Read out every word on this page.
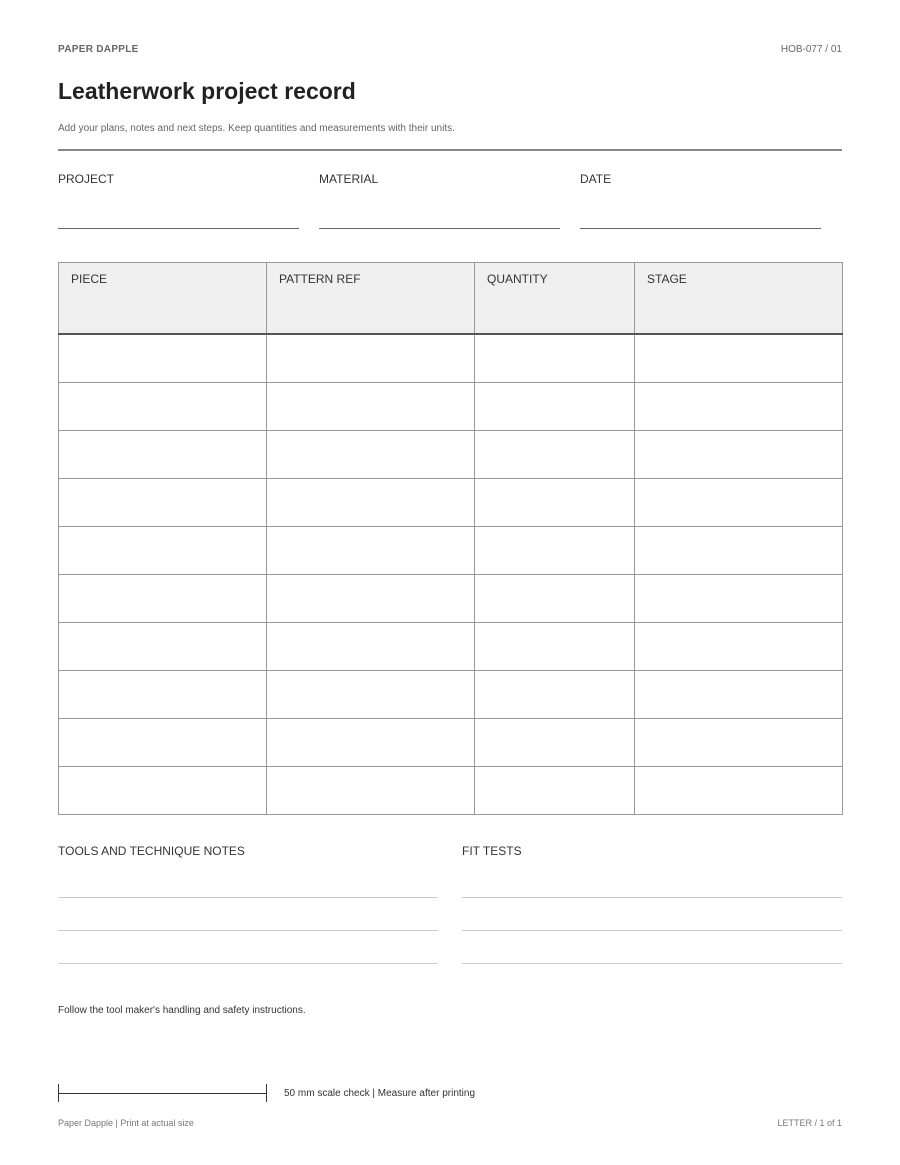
PAPER DAPPLE	HOB-077 / 01
Leatherwork project record
Add your plans, notes and next steps. Keep quantities and measurements with their units.
PROJECT	MATERIAL	DATE
PIECE	PATTERN REF	QUANTITY	STAGE

TOOLS AND TECHNIQUE NOTES	FIT TESTS
Follow the tool maker's handling and safety instructions.
50 mm scale check | Measure after printing
Paper Dapple | Print at actual size	LETTER / 1 of 1
